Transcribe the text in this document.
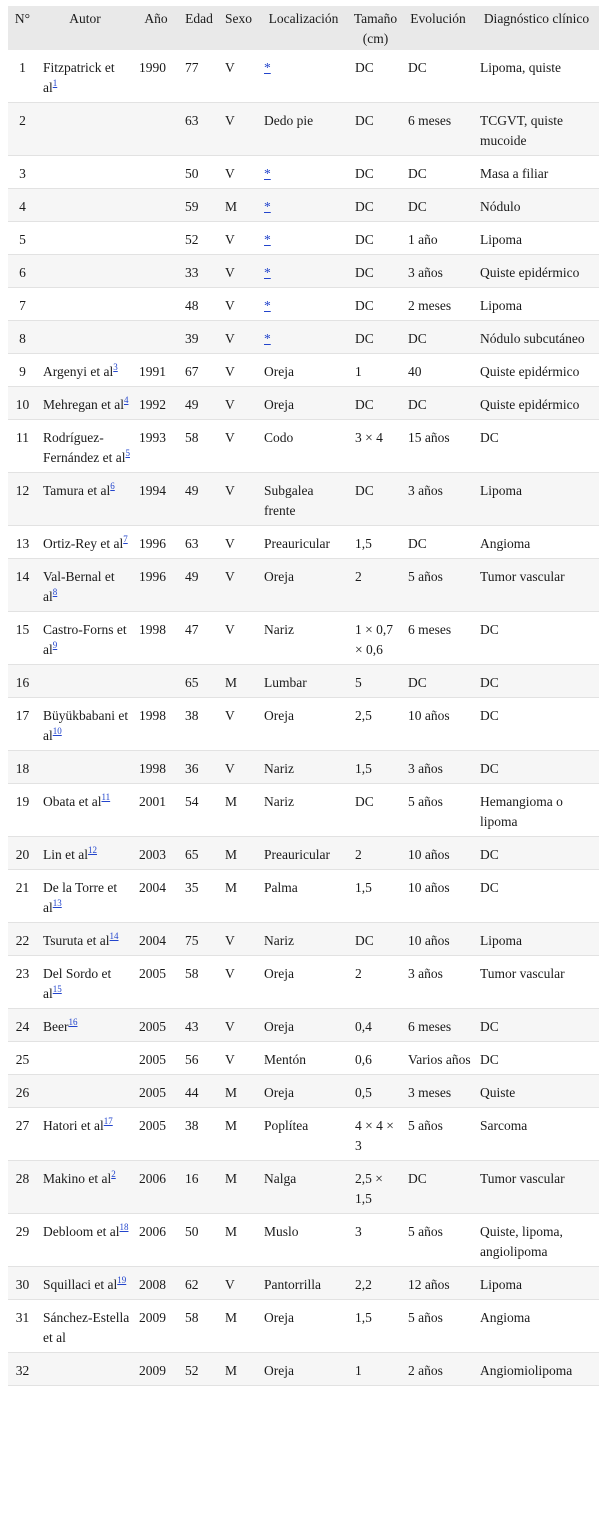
N°	Autor	Año	Edad	Sexo	Localización	Tamaño (cm)	Evolución	Diagnóstico clínico
1	Fitzpatrick et al$^1$	1990	77	V	*	DC	DC	Lipoma, quiste
2			63	V	Dedo pie	DC	6 meses	TCGVT, quiste mucoide
3			50	V	*	DC	DC	Masa a filiar
4			59	M	*	DC	DC	Nódulo
5			52	V	*	DC	1 año	Lipoma
6			33	V	*	DC	3 años	Quiste epidérmico
7			48	V	*	DC	2 meses	Lipoma
8			39	V	*	DC	DC	Nódulo subcutáneo
9	Argenyi et al$^3$	1991	67	V	Oreja	1	40	Quiste epidérmico
10	Mehregan et al$^4$	1992	49	V	Oreja	DC	DC	Quiste epidérmico
11	Rodríguez-Fernández et al$^5$	1993	58	V	Codo	3 × 4	15 años	DC
12	Tamura et al$^6$	1994	49	V	Subgalea frente	DC	3 años	Lipoma
13	Ortiz-Rey et al$^7$	1996	63	V	Preauricular	1,5	DC	Angioma
14	Val-Bernal et al$^8$	1996	49	V	Oreja	2	5 años	Tumor vascular
15	Castro-Forns et al$^9$	1998	47	V	Nariz	1 × 0,7 × 0,6	6 meses	DC
16			65	M	Lumbar	5	DC	DC
17	Büyükbabani et al$^{10}$	1998	38	V	Oreja	2,5	10 años	DC
18		1998	36	V	Nariz	1,5	3 años	DC
19	Obata et al$^{11}$	2001	54	M	Nariz	DC	5 años	Hemangioma o lipoma
20	Lin et al$^{12}$	2003	65	M	Preauricular	2	10 años	DC
21	De la Torre et al$^{13}$	2004	35	M	Palma	1,5	10 años	DC
22	Tsuruta et al$^{14}$	2004	75	V	Nariz	DC	10 años	Lipoma
23	Del Sordo et al$^{15}$	2005	58	V	Oreja	2	3 años	Tumor vascular
24	Beer$^{16}$	2005	43	V	Oreja	0,4	6 meses	DC
25		2005	56	V	Mentón	0,6	Varios años	DC
26		2005	44	M	Oreja	0,5	3 meses	Quiste
27	Hatori et al$^{17}$	2005	38	M	Poplítea	4 × 4 × 3	5 años	Sarcoma
28	Makino et al$^2$	2006	16	M	Nalga	2,5 × 1,5	DC	Tumor vascular
29	Debloom et al$^{18}$	2006	50	M	Muslo	3	5 años	Quiste, lipoma, angiolipoma
30	Squillaci et al$^{19}$	2008	62	V	Pantorrilla	2,2	12 años	Lipoma
31	Sánchez-Estella et al	2009	58	M	Oreja	1,5	5 años	Angioma
32		2009	52	M	Oreja	1	2 años	Angiomiolipoma
